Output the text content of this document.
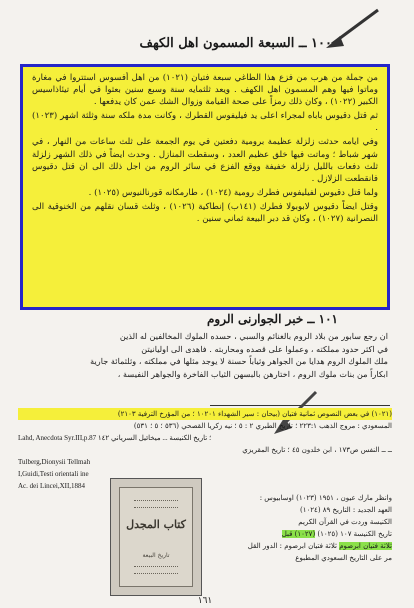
١٠٠ ــ السبعة المسمون اهل الكهف

من جملة من هرب من فزع هذا الطاغي سبعة فتيان (١٠٢١) من اهل أفسوس استتروا في مغارة وماتوا فيها وهم المسمون اهل الكهف . ويعد ثلثمايه سنة وسبع سنين بعثوا في أيام تيئاذاسيس الكبير (١٠٢٢) ، وكان ذلك رمزاً على صحة القيامة وزوال الشك عمن كان يدفعها .

ثم قتل دقيوس باباه لمجراء اعلى يد فيليفوس القطرك ، وكانت مدة ملكه سنة وثلثة اشهر (١٠٢٣) .

وفي ايامه حدثت زلزلة عظيمة برومية دفعتين في يوم الجمعة على ثلث ساعات من النهار ، في شهر شباط ؛ وماتت فيها خلق عظيم العدد ، وسقطت المنازل . وحدث ايضاً في ذلك الشهر زلزلة ثلث دفعات بالليل زلزلة خفيفة ووقع الفزع في سائر الروم من اجل ذلك الى ان قتل دقيوس فانقطعت الزلازل .

ولما قتل دقيوس لفيليفوس فطرك رومية (١٠٢٤) ، طارمكانه قورنالنيوس (١٠٢٥) .

وقتل ايضاً دقيوس لابوبولا فطرك (١٤١ب) إنطاكية (١٠٢٦) ، وثلث قسان نقلهم من الخنوقية الى النصرانية (١٠٢٧) ، وكان قد دبر البيعة ثماني سنين .

١٠١ ــ خبر الجوارنى الروم
ان رجع سابور من بلاد الروم بالغنائم والسبي ، حسده الملوك المخالفين له الذين
في اكثر حدود مملكته ، وعملوا على قصده ومحاربته . فاهدى الى اوليانيتن
ملك الملوك الروم هدايا من الجواهر وثياباً حسنة لا يوجد مثلها في مملكته ، وثلثمائة جارية
ابكاراً من بنات ملوك الروم ، اختارهن بالبسهن الثياب الفاخرة والجواهر النفيسة ،
(١٠٢١) في بعض النصوص ثمانية فتيان (بيحان : سير الشهداء ١٠٢٠١ ؛ من المؤرخ الترفية ٢١٠٣)
المسعودي : مروج الذهب ٢٢٣:١ ؛ تاريخ الطبري ٢ : ٥ ؛ نيه زكريا القصحي (٥٣٦ ؛ ٥ ؛ ٥٣١)
Lahd, Anecdota Syr.III,p.87 ؛ تاريخ الكنيسة ... ميخائيل السرياني ١٤٢
ــ ــ النفس ص١٧٣ ، ابن خلدون ٤٥ ؛ تاريخ المقريزي
Tulberg,Dionysii Tellmah
I,Guidi,Testi orientali ine
Ac. dei Lincei,XII,1884
وانظر مارك عيون ، ١٩٥١ (١٠٢٣) اوسابيوس :
العهد الجديد : التاريخ ٨٩ (١٠٢٤)
الكنيسة وردت في القرآن الكريم
تاريخ الكنيسة ١٠٧ (١٠٢٥) (١٠٢٧) قبل
ثلاثة فتيان ابرصوم ثلاثة فتيان ابرصوم : الدور القل
مر على التاريخ السعودي المطبوع
كتاب المجدل
تاريخ البيعة
١٦١
